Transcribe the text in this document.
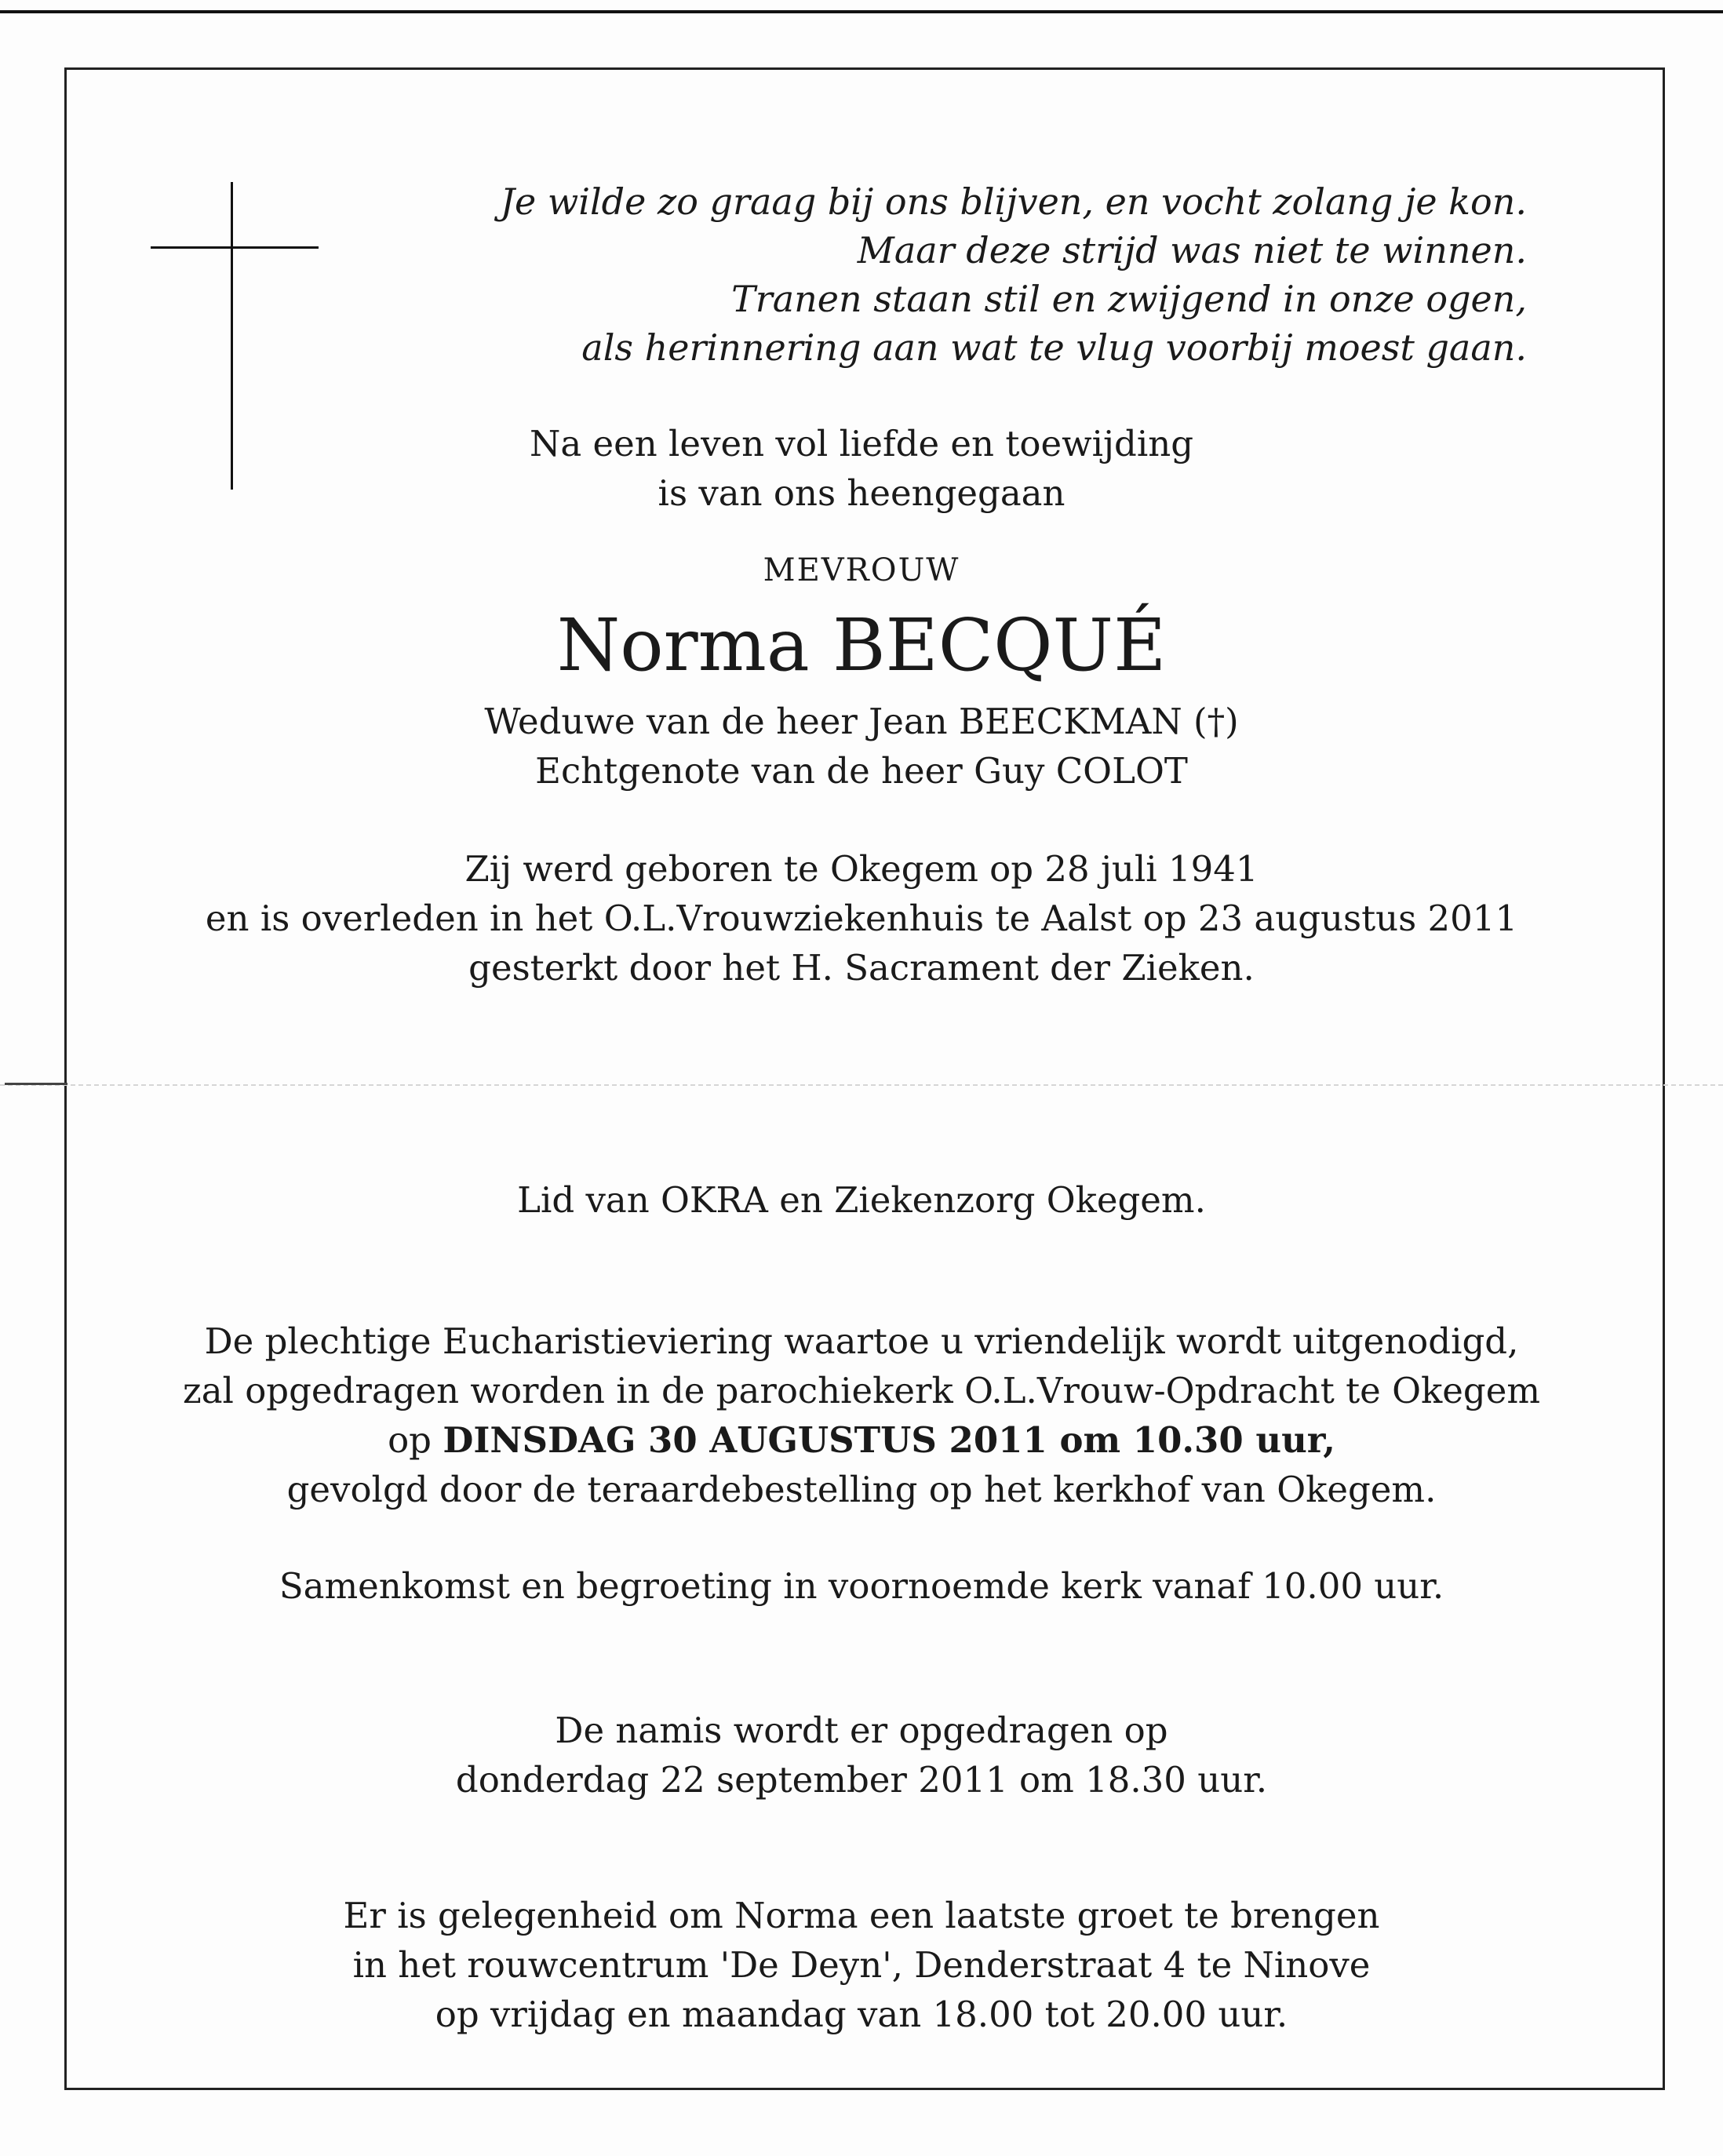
Je wilde zo graag bij ons blijven, en vocht zolang je kon.
Maar deze strijd was niet te winnen.
Tranen staan stil en zwijgend in onze ogen,
als herinnering aan wat te vlug voorbij moest gaan.
Na een leven vol liefde en toewijding
is van ons heengegaan
MEVROUW
Norma BECQUÉ
Weduwe van de heer Jean BEECKMAN (†)
Echtgenote van de heer Guy COLOT
Zij werd geboren te Okegem op 28 juli 1941
en is overleden in het O.L.Vrouwziekenhuis te Aalst op 23 augustus 2011
gesterkt door het H. Sacrament der Zieken.
Lid van OKRA en Ziekenzorg Okegem.
De plechtige Eucharistieviering waartoe u vriendelijk wordt uitgenodigd,
zal opgedragen worden in de parochiekerk O.L.Vrouw-Opdracht te Okegem
op DINSDAG 30 AUGUSTUS 2011 om 10.30 uur,
gevolgd door de teraardebestelling op het kerkhof van Okegem.
Samenkomst en begroeting in voornoemde kerk vanaf 10.00 uur.
De namis wordt er opgedragen op
donderdag 22 september 2011 om 18.30 uur.
Er is gelegenheid om Norma een laatste groet te brengen
in het rouwcentrum 'De Deyn', Denderstraat 4 te Ninove
op vrijdag en maandag van 18.00 tot 20.00 uur.
